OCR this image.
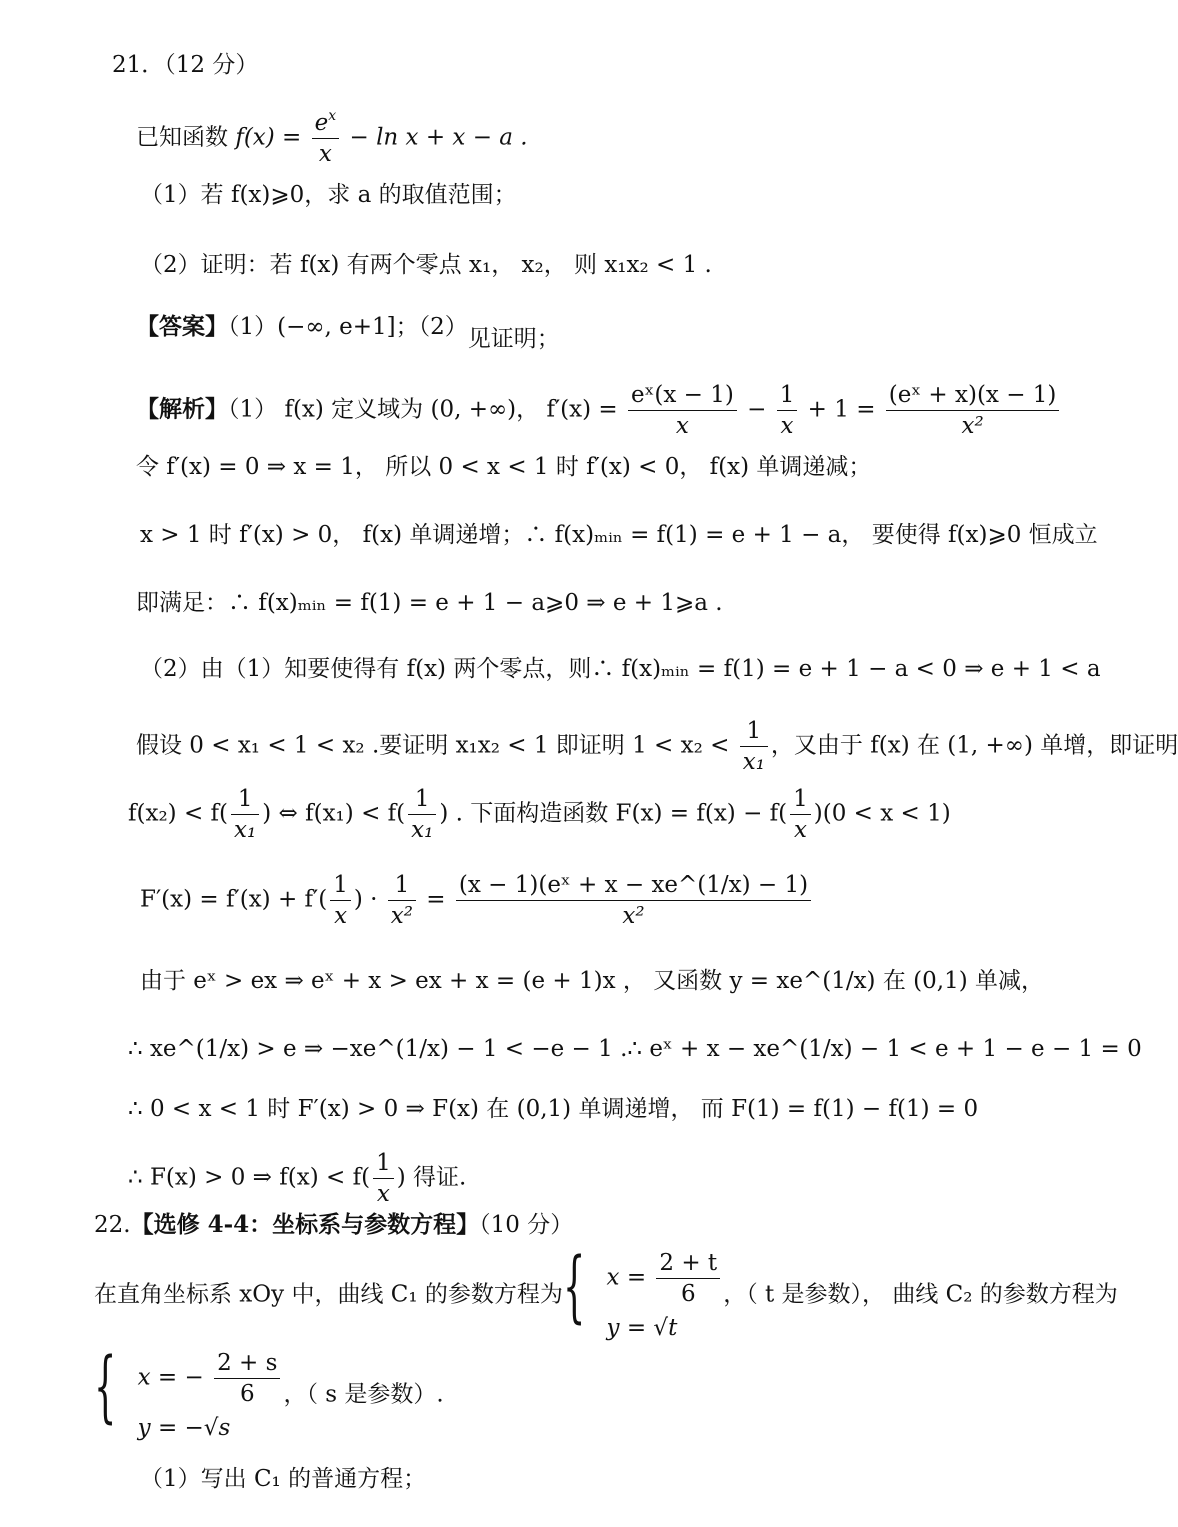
21．（12 分）
已知函数 $f(x) = \frac{e^x}{x} - \ln x + x - a$ .
（1）若 f(x)⩾0，求 a 的取值范围；
（2）证明：若 f(x) 有两个零点 x₁， x₂， 则 x₁x₂ < 1 .
【答案】（1）(−∞, e+1]；（2）见证明；
【解析】（1） f(x) 定义域为 (0, +∞)， $f'(x) = \frac{\text{eˣ(x − 1)}}{x} - \frac{1}{x} + 1 = \frac{\text{(eˣ + x)(x − 1)}}{\text{x²}}$
令 f′(x) = 0 ⇒ x = 1， 所以 0 < x < 1 时 f′(x) < 0， f(x) 单调递减；
x > 1 时 f′(x) > 0， f(x) 单调递增；∴ f(x)ₘᵢₙ = f(1) = e + 1 − a， 要使得 f(x)⩾0 恒成立
即满足：∴ f(x)ₘᵢₙ = f(1) = e + 1 − a⩾0 ⇒ e + 1⩾a .
（2）由（1）知要使得有 f(x) 两个零点，则∴ f(x)ₘᵢₙ = f(1) = e + 1 − a < 0 ⇒ e + 1 < a
假设 0 < x₁ < 1 < x₂ .要证明 x₁x₂ < 1 即证明 $1 < x_2 < \frac{1}{\text{x₁}}$ ，又由于 f(x) 在 (1, +∞) 单增，即证明
$f(x_2) < f( \frac{1}{\text{x₁}}$ ) ⇔ $f(x_1) < f( \frac{1}{\text{x₁}}$ ) . 下面构造函数 $F(x) = f(x) - f( \frac{1}{x} )(0 < x < 1)$
$F'(x) = f'(x) + f'( \frac{1}{x}$ ) · $\frac{1}{\text{x²}} = \frac{\text{(x − 1)(eˣ + x − xe\textasciicircum{}(1/x) − 1)}}{\text{x²}}$
由于 eˣ > ex ⇒ eˣ + x > ex + x = (e + 1)x ， 又函数 y = xe^(1/x) 在 (0,1) 单减，
∴ xe^(1/x) > e ⇒ −xe^(1/x) − 1 < −e − 1 .∴ eˣ + x − xe^(1/x) − 1 < e + 1 − e − 1 = 0
∴ 0 < x < 1 时 F′(x) > 0 ⇒ F(x) 在 (0,1) 单调递增， 而 F(1) = f(1) − f(1) = 0
∴ F(x) > 0 ⇒ $f(x) < f( \frac{1}{x}$ ) 得证.
22.【选修 4-4：坐标系与参数方程】（10 分）
在直角坐标系 xOy 中，曲线 C₁ 的参数方程为 { $x = \frac{2 + t}{6}$
y = √t
，（ t 是参数）， 曲线 C₂ 的参数方程为
{ x = − $\frac{2 + s}{6}$
y = −√s
，（ s 是参数）.
（1）写出 C₁ 的普通方程；
